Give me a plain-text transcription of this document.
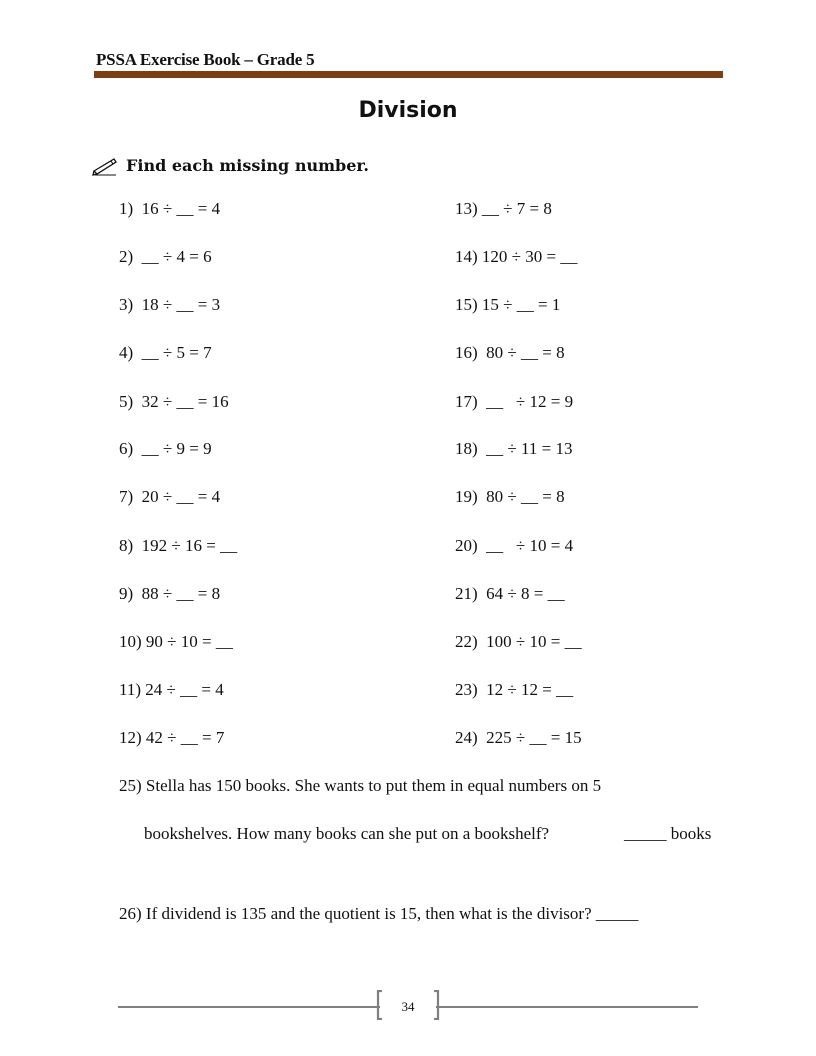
PSSA Exercise Book – Grade 5
Division
Find each missing number.
1)  16 ÷ __ = 4
2)  __ ÷ 4 = 6
3)  18 ÷ __ = 3
4)  __ ÷ 5 = 7
5)  32 ÷ __ = 16
6)  __ ÷ 9 = 9
7)  20 ÷ __ = 4
8)  192 ÷ 16 = __
9)  88 ÷ __ = 8
10) 90 ÷ 10 = __
11) 24 ÷ __ = 4
12) 42 ÷ __ = 7
13) __ ÷ 7 = 8
14) 120 ÷ 30 = __
15) 15 ÷ __ = 1
16)  80 ÷ __ = 8
17)  __   ÷ 12 = 9
18)  __ ÷ 11 = 13
19)  80 ÷ __ = 8
20)  __   ÷ 10 = 4
21)  64 ÷ 8 = __
22)  100 ÷ 10 = __
23)  12 ÷ 12 = __
24)  225 ÷ __ = 15
25) Stella has 150 books. She wants to put them in equal numbers on 5
bookshelves. How many books can she put on a bookshelf?	_____ books
26) If dividend is 135 and the quotient is 15, then what is the divisor? _____
34
